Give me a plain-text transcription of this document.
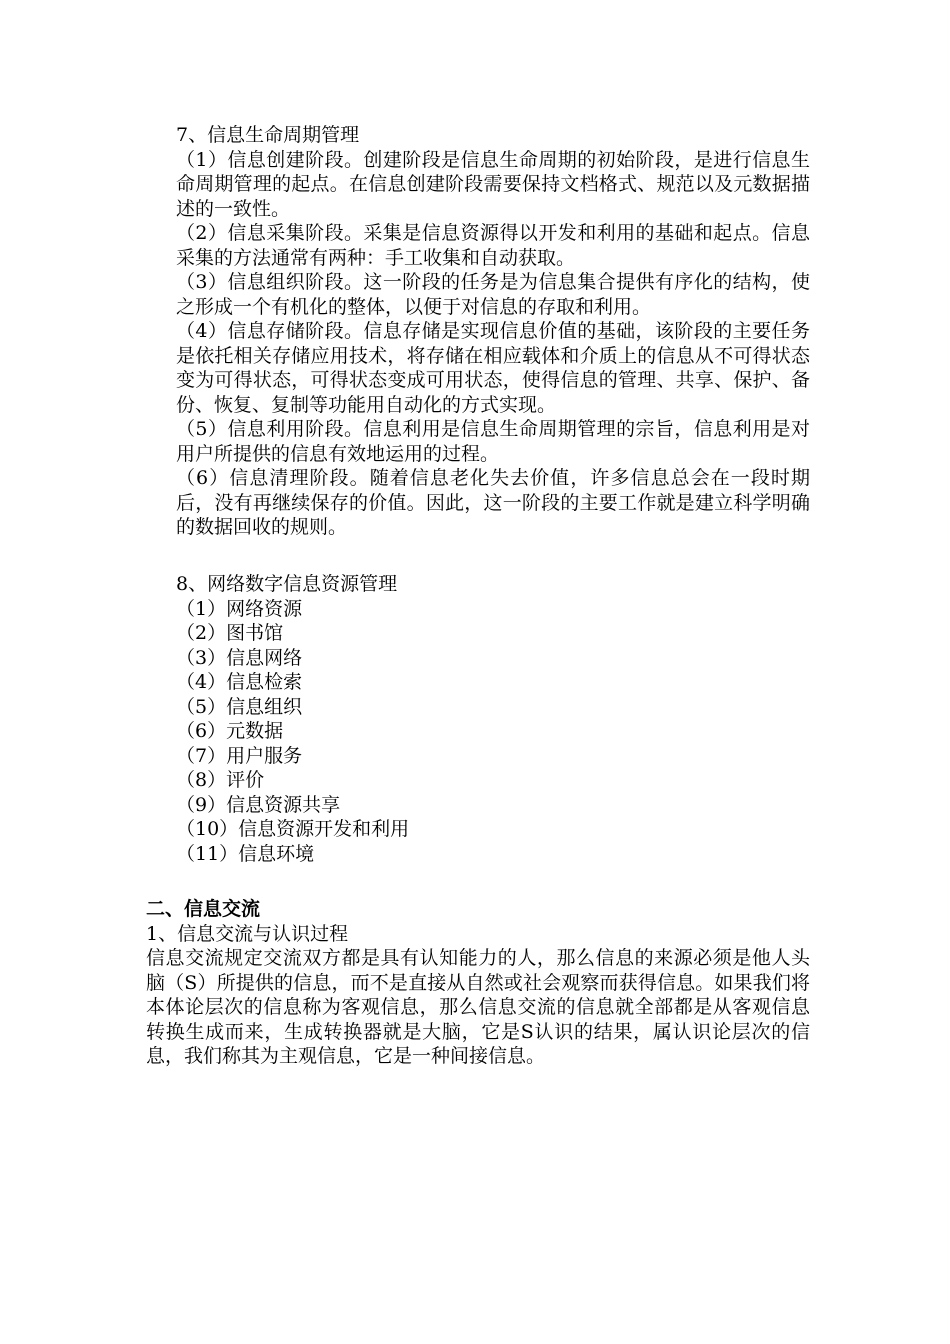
7、信息生命周期管理

（1）信息创建阶段。创建阶段是信息生命周期的初始阶段，是进行信息生命周期管理的起点。在信息创建阶段需要保持文档格式、规范以及元数据描述的一致性。

（2）信息采集阶段。采集是信息资源得以开发和利用的基础和起点。信息采集的方法通常有两种：手工收集和自动获取。

（3）信息组织阶段。这一阶段的任务是为信息集合提供有序化的结构，使之形成一个有机化的整体，以便于对信息的存取和利用。

（4）信息存储阶段。信息存储是实现信息价值的基础，该阶段的主要任务是依托相关存储应用技术，将存储在相应载体和介质上的信息从不可得状态变为可得状态，可得状态变成可用状态，使得信息的管理、共享、保护、备份、恢复、复制等功能用自动化的方式实现。

（5）信息利用阶段。信息利用是信息生命周期管理的宗旨，信息利用是对用户所提供的信息有效地运用的过程。

（6）信息清理阶段。随着信息老化失去价值，许多信息总会在一段时期后，没有再继续保存的价值。因此，这一阶段的主要工作就是建立科学明确的数据回收的规则。

8、网络数字信息资源管理
（1）网络资源
（2）图书馆
（3）信息网络
（4）信息检索
（5）信息组织
（6）元数据
（7）用户服务
（8）评价
（9）信息资源共享
（10）信息资源开发和利用
（11）信息环境
二、信息交流
1、信息交流与认识过程

信息交流规定交流双方都是具有认知能力的人，那么信息的来源必须是他人头脑（S）所提供的信息，而不是直接从自然或社会观察而获得信息。如果我们将本体论层次的信息称为客观信息，那么信息交流的信息就全部都是从客观信息转换生成而来，生成转换器就是大脑，它是S认识的结果，属认识论层次的信息，我们称其为主观信息，它是一种间接信息。
